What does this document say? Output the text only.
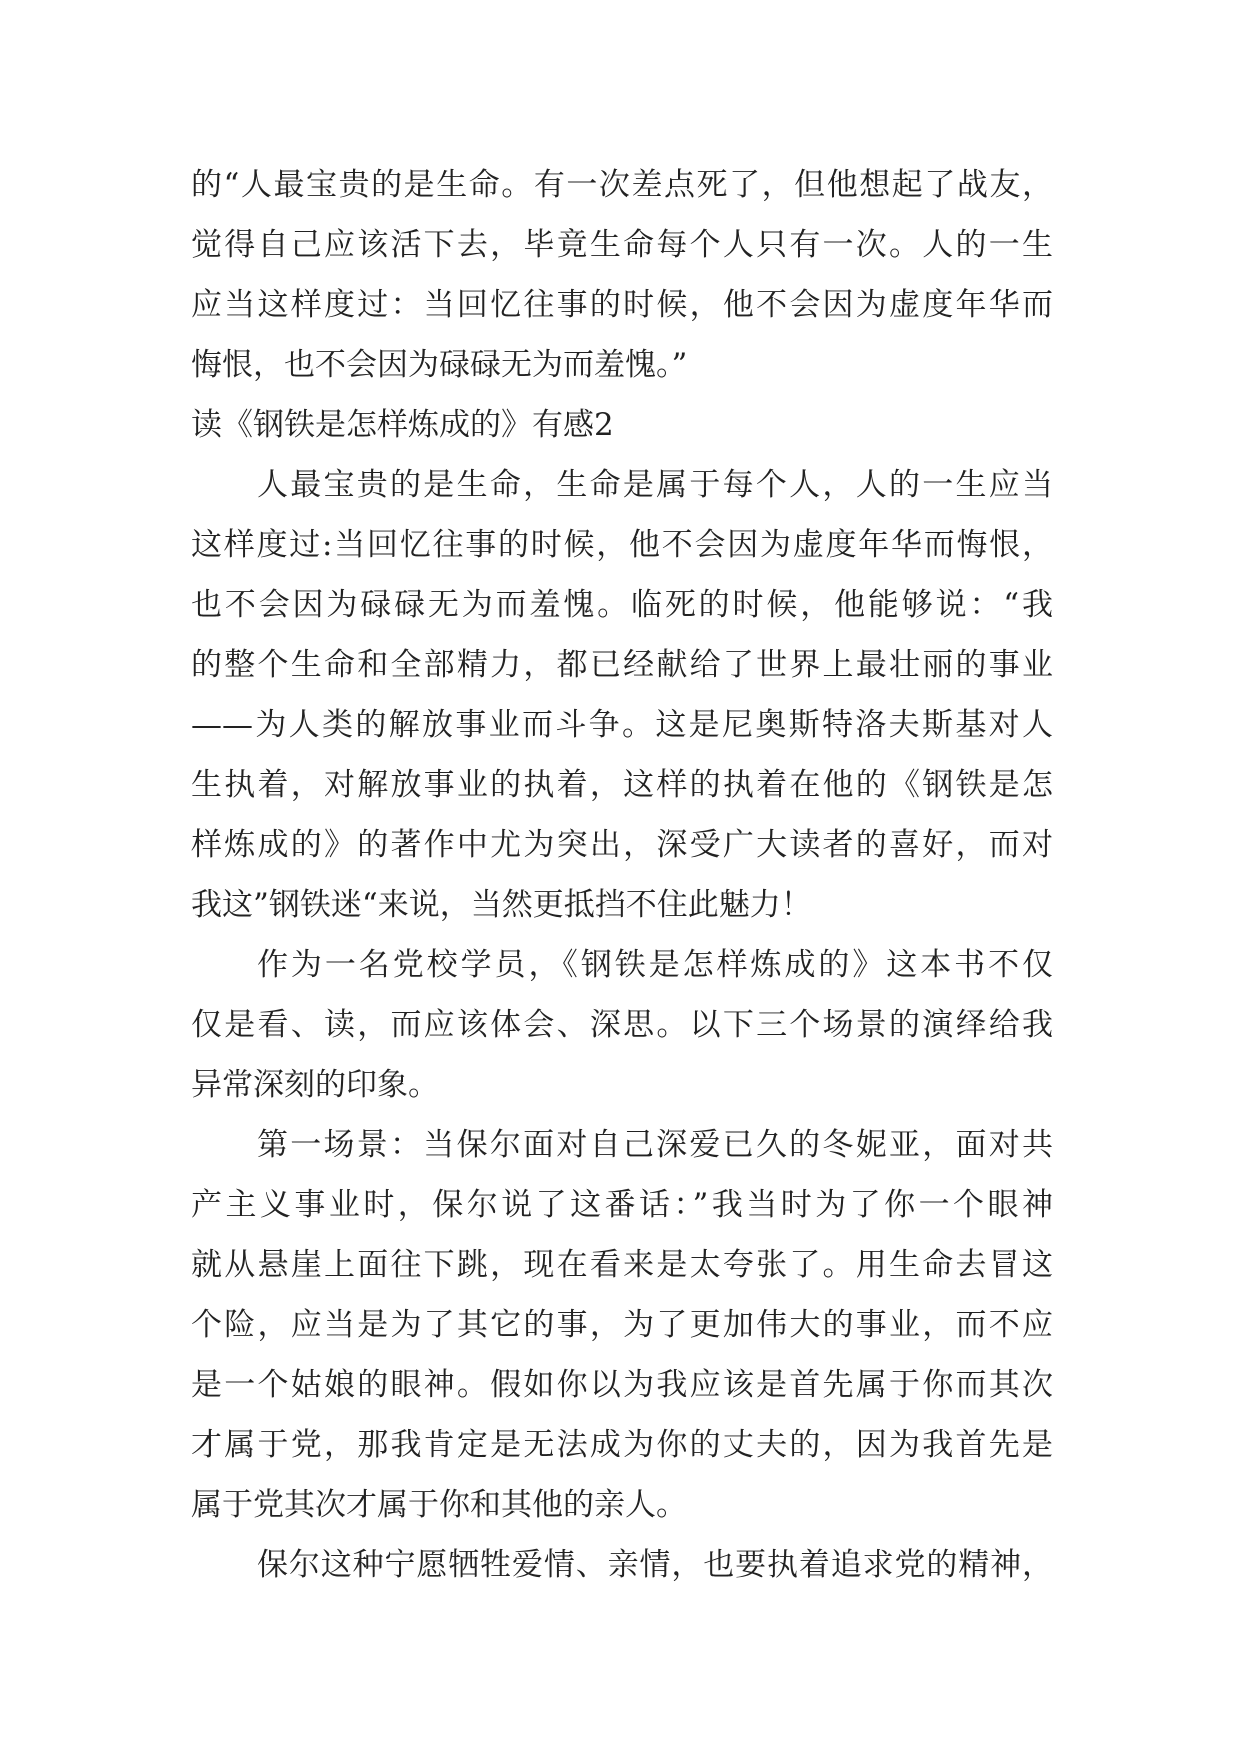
的“人最宝贵的是生命。有一次差点死了，但他想起了战友，
觉得自己应该活下去，毕竟生命每个人只有一次。人的一生
应当这样度过：当回忆往事的时候，他不会因为虚度年华而
悔恨，也不会因为碌碌无为而羞愧。”
读《钢铁是怎样炼成的》有感2
人最宝贵的是生命，生命是属于每个人，人的一生应当
这样度过:当回忆往事的时候，他不会因为虚度年华而悔恨，
也不会因为碌碌无为而羞愧。临死的时候，他能够说：“我
的整个生命和全部精力，都已经献给了世界上最壮丽的事业
——为人类的解放事业而斗争。这是尼奥斯特洛夫斯基对人
生执着，对解放事业的执着，这样的执着在他的《钢铁是怎
样炼成的》的著作中尤为突出，深受广大读者的喜好，而对
我这”钢铁迷“来说，当然更抵挡不住此魅力！
作为一名党校学员，《钢铁是怎样炼成的》这本书不仅
仅是看、读，而应该体会、深思。以下三个场景的演绎给我
异常深刻的印象。
第一场景：当保尔面对自己深爱已久的冬妮亚，面对共
产主义事业时，保尔说了这番话：”我当时为了你一个眼神
就从悬崖上面往下跳，现在看来是太夸张了。用生命去冒这
个险，应当是为了其它的事，为了更加伟大的事业，而不应
是一个姑娘的眼神。假如你以为我应该是首先属于你而其次
才属于党，那我肯定是无法成为你的丈夫的，因为我首先是
属于党其次才属于你和其他的亲人。
保尔这种宁愿牺牲爱情、亲情，也要执着追求党的精神，
